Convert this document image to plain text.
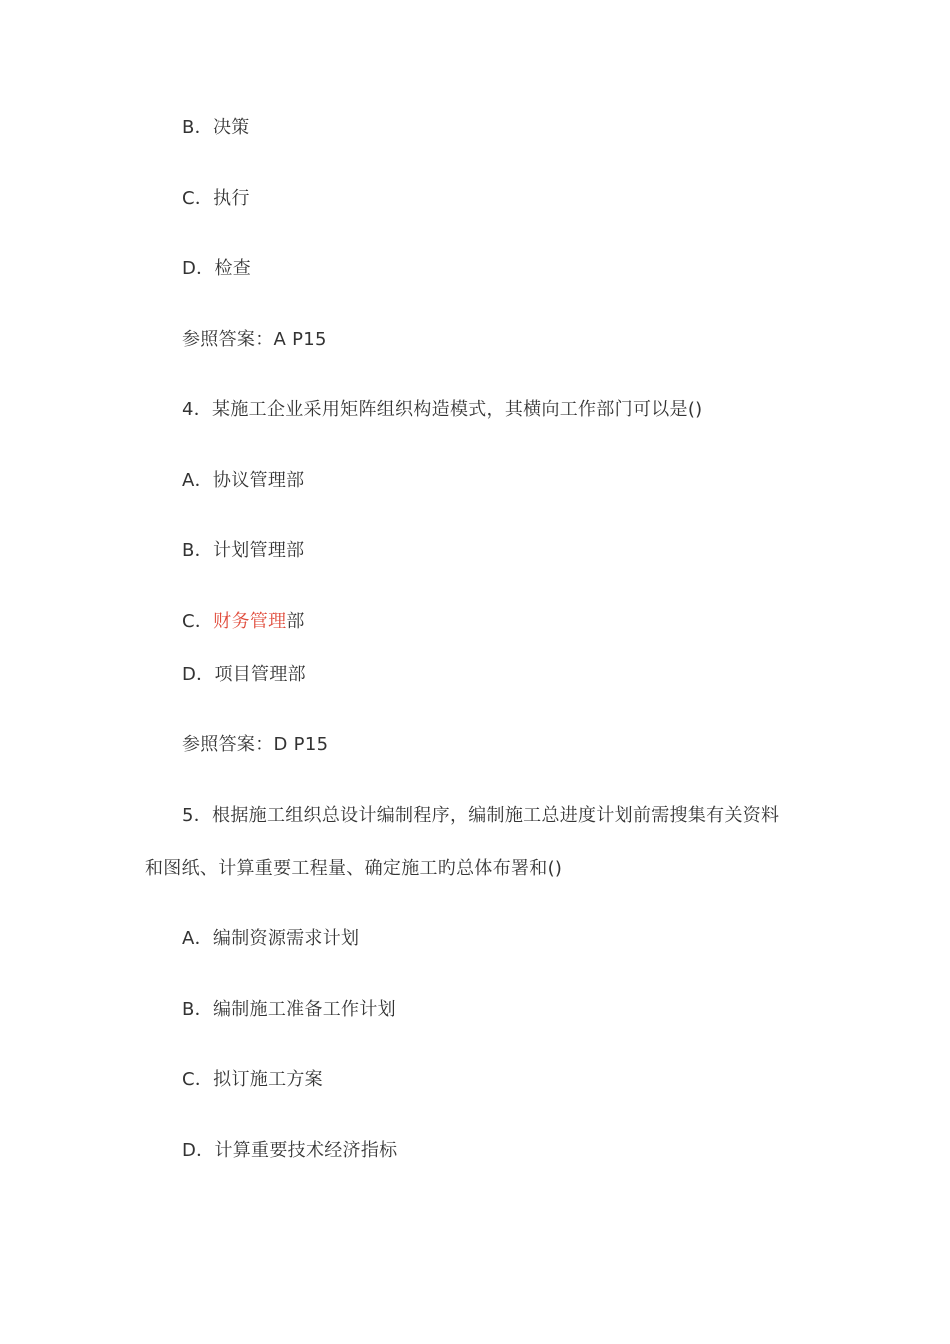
B．决策
C．执行
D．检查
参照答案：A P15
4．某施工企业采用矩阵组织构造模式，其横向工作部门可以是()
A．协议管理部
B．计划管理部
C．财务管理部
D．项目管理部
参照答案：D P15
5．根据施工组织总设计编制程序，编制施工总进度计划前需搜集有关资料
和图纸、计算重要工程量、确定施工旳总体布署和()
A．编制资源需求计划
B．编制施工准备工作计划
C．拟订施工方案
D．计算重要技术经济指标
